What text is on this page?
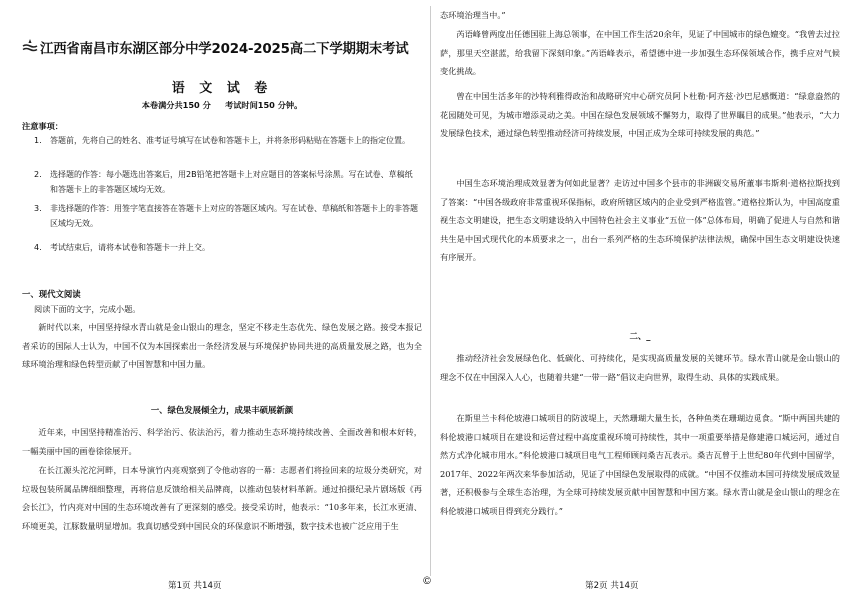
江西省南昌市东湖区部分中学2024-2025高二下学期期末考试
语 文 试 卷
本卷满分共150 分     考试时间150 分钟。
注意事项：
1. 答题前，先将自己的姓名、准考证号填写在试卷和答题卡上，并将条形码粘贴在答题卡上的指定位置。
2. 选择题的作答：每小题选出答案后，用2B铅笔把答题卡上对应题目的答案标号涂黑。写在试卷、草稿纸和答题卡上的非答题区域均无效。
3. 非选择题的作答：用签字笔直接答在答题卡上对应的答题区域内。写在试卷、草稿纸和答题卡上的非答题区域均无效。
4. 考试结束后，请将本试卷和答题卡一并上交。
一、现代文阅读
阅读下面的文字，完成小题。
新时代以来，中国坚持绿水青山就是金山银山的理念，坚定不移走生态优先、绿色发展之路。接受本报记者采访的国际人士认为，中国不仅为本国探索出一条经济发展与环境保护协同共进的高质量发展之路，也为全球环境治理和绿色转型贡献了中国智慧和中国力量。
一、绿色发展倾全力，成果丰硕展新颜
近年来，中国坚持精准治污、科学治污、依法治污，着力推动生态环境持续改善、全面改善和根本好转，一幅美丽中国的画卷徐徐展开。
在长江源头沱沱河畔，日本导演竹内亮观察到了令他动容的一幕：志愿者们将捡回来的垃圾分类研究，对垃圾包装所属品牌细细整理，再将信息反馈给相关品牌商，以推动包装材料革新。通过拍摄纪录片剧场版《再会长江》，竹内亮对中国的生态环境改善有了更深刻的感受。接受采访时，他表示：“10多年来，长江水更清、环境更美，江豚数量明显增加。我真切感受到中国民众的环保意识不断增强，数字技术也被广泛应用于生
态环境治理当中。”
芮语峰曾两度出任德国驻上海总领事，在中国工作生活20余年，见证了中国城市的绿色嬗变。“我曾去过拉萨，那里天空湛蓝，给我留下深刻印象。”芮语峰表示，希望德中进一步加强生态环保领域合作，携手应对气候变化挑战。
曾在中国生活多年的沙特利雅得政治和战略研究中心研究员阿卜杜勒·阿齐兹·沙巴尼感慨道：“绿意盎然的花园随处可见，为城市增添灵动之美。中国在绿色发展领域不懈努力，取得了世界瞩目的成果。”他表示，“大力发展绿色技术，通过绿色转型推动经济可持续发展，中国正成为全球可持续发展的典范。”
中国生态环境治理成效显著为何如此显著？走访过中国多个县市的非洲碳交易所董事韦斯利·道格拉斯找到了答案：“中国各级政府非常重视环保指标，政府所辖区域内的企业受到严格监管。”道格拉斯认为，中国高度重视生态文明建设，把生态文明建设纳入中国特色社会主义事业“五位一体”总体布局，明确了促进人与自然和谐共生是中国式现代化的本质要求之一，出台一系列严格的生态环境保护法律法规，确保中国生态文明建设快速有序展开。
二、_
推动经济社会发展绿色化、低碳化、可持续化，是实现高质量发展的关键环节。绿水青山就是金山银山的理念不仅在中国深入人心，也随着共建“一带一路”倡议走向世界，取得生动、具体的实践成果。
在斯里兰卡科伦坡港口城项目的防波堤上，天然珊瑚大量生长，各种鱼类在珊瑚边觅食。“斯中两国共建的科伦坡港口城项目在建设和运营过程中高度重视环境可持续性，其中一项重要举措是修建港口城运河，通过自然方式净化城市用水。”科伦坡港口城项目电气工程师顾问桑吉瓦表示。桑吉瓦曾于上世纪80年代到中国留学，2017年、2022年两次来华参加活动，见证了中国绿色发展取得的成就。“中国不仅推动本国可持续发展成效显著，还积极参与全球生态治理，为全球可持续发展贡献中国智慧和中国方案。绿水青山就是金山银山的理念在科伦坡港口城项目得到充分践行。”
第1页 共14页	©	第2页 共14页
